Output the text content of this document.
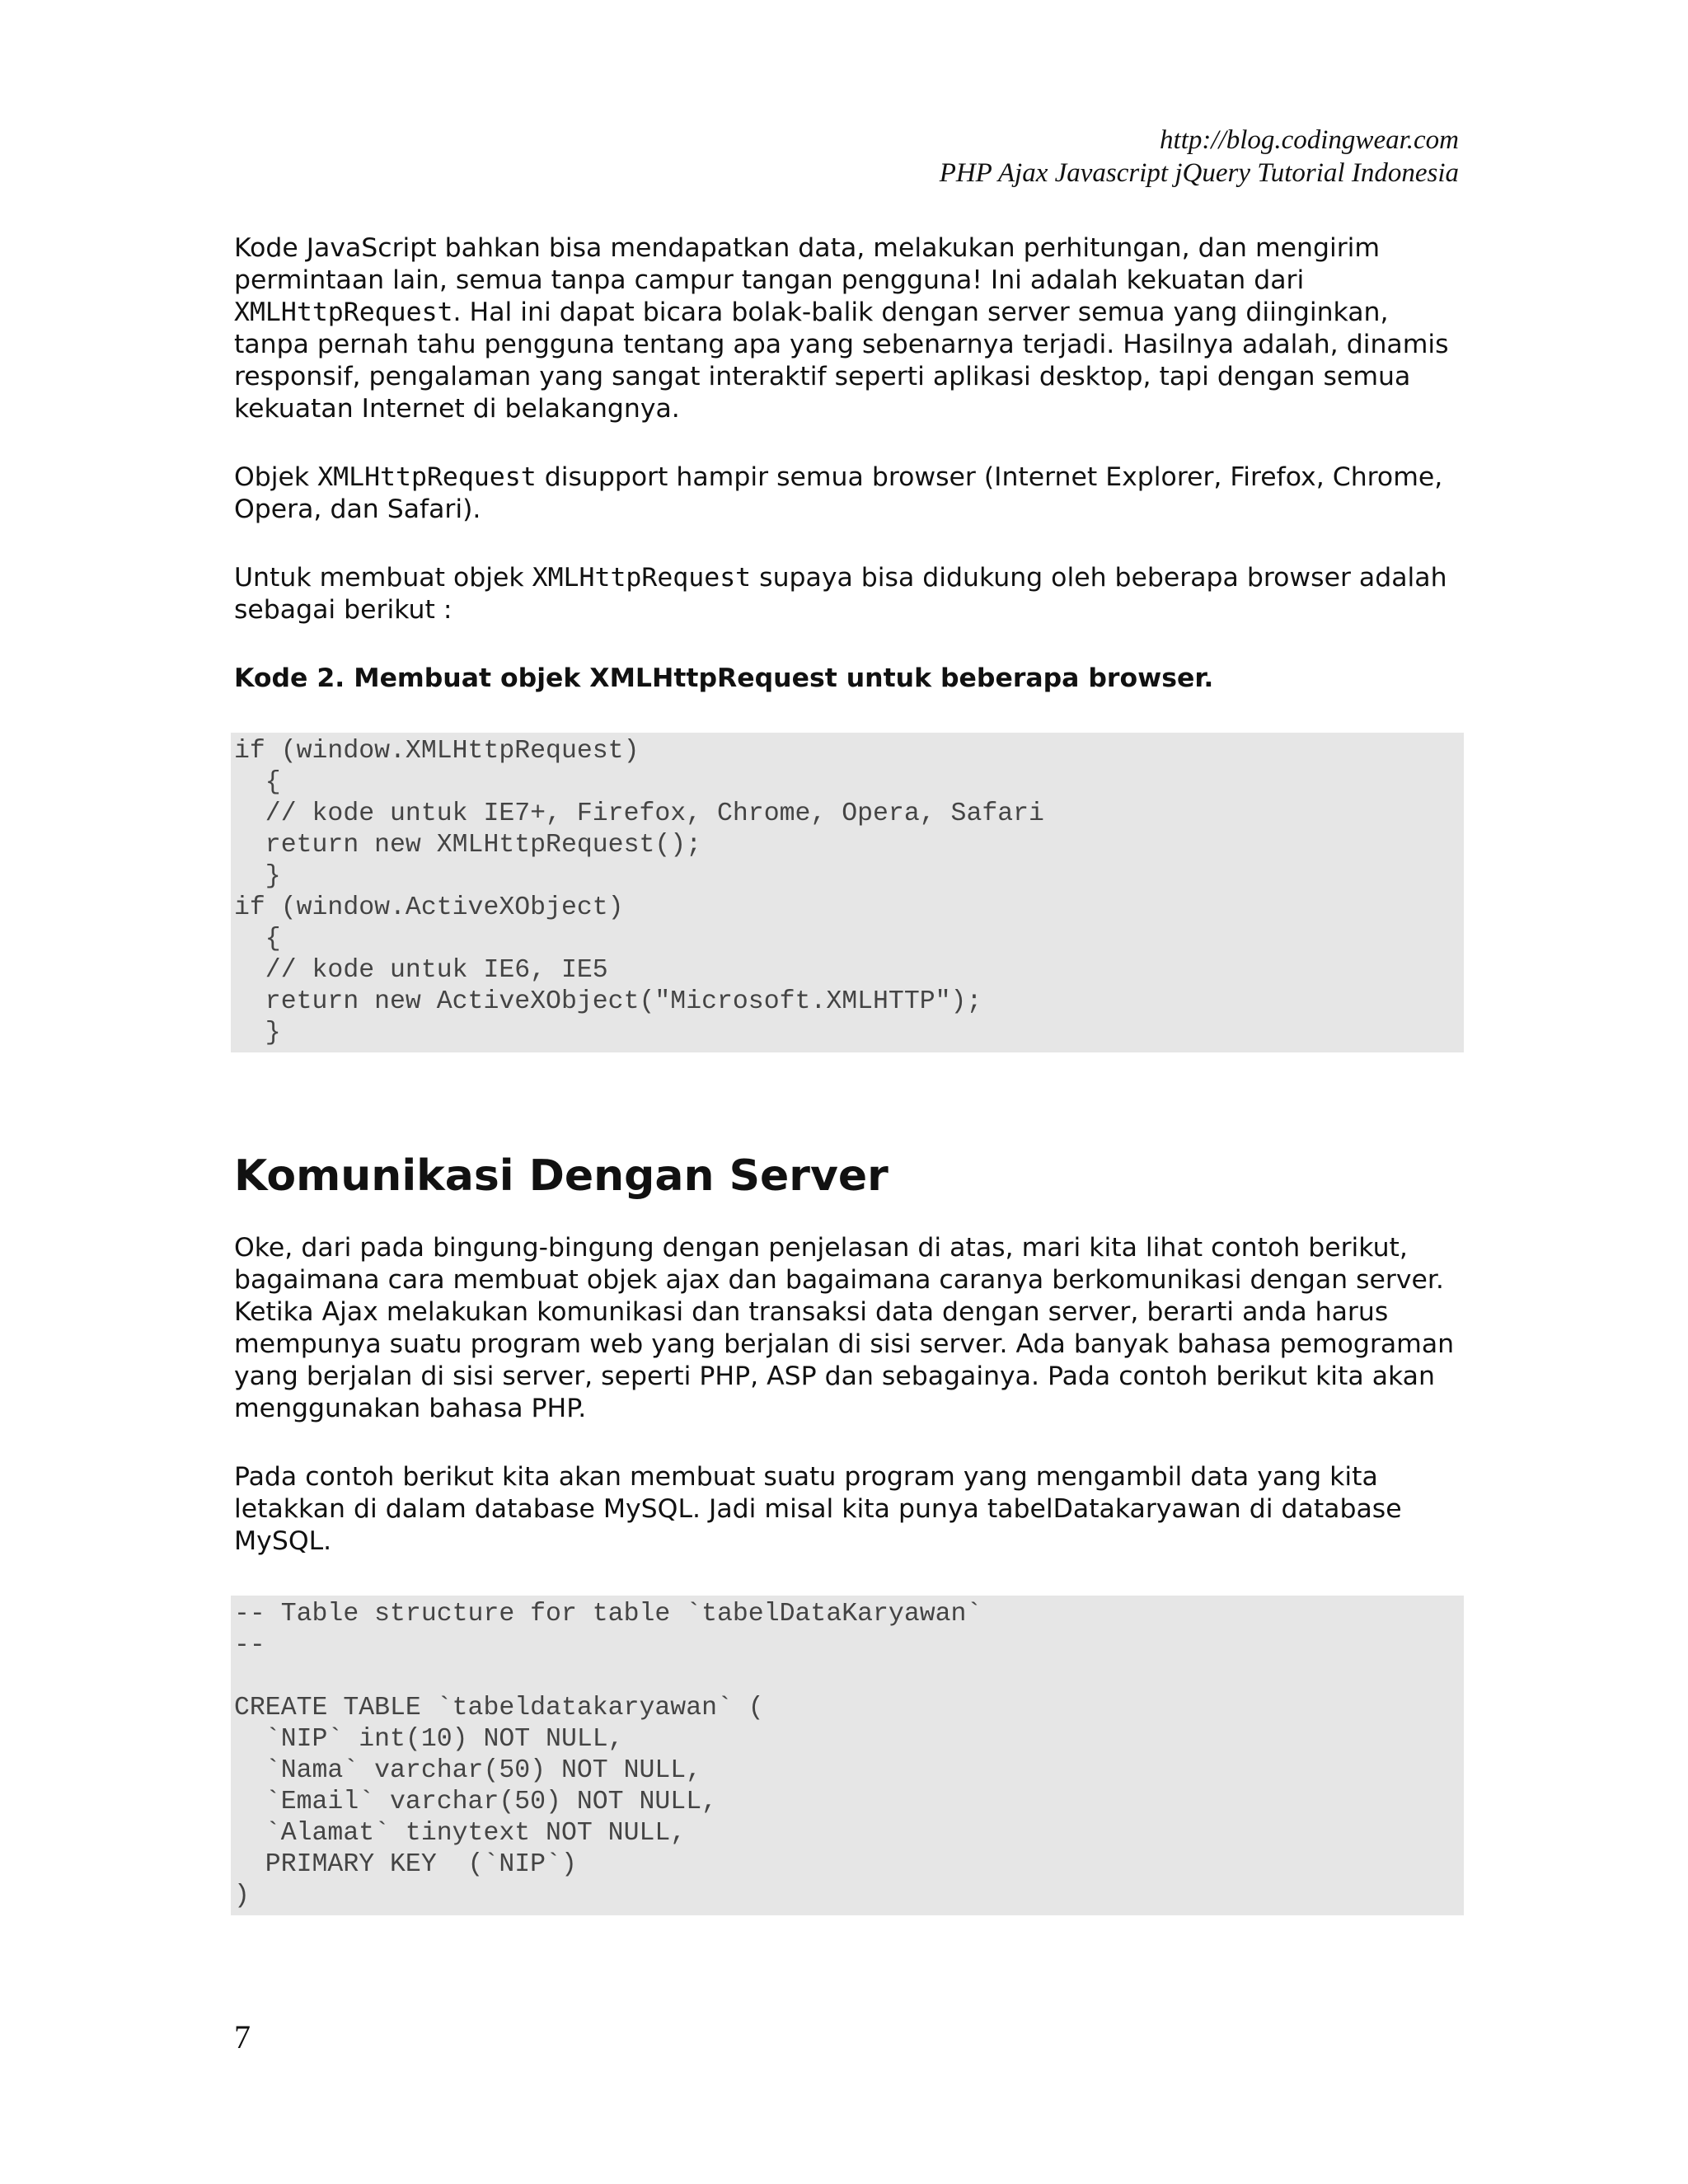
http://blog.codingwear.com
PHP Ajax Javascript jQuery Tutorial Indonesia

Kode JavaScript bahkan bisa mendapatkan data, melakukan perhitungan, dan mengirim permintaan lain, semua tanpa campur tangan pengguna! Ini adalah kekuatan dari XMLHttpRequest. Hal ini dapat bicara bolak-balik dengan server semua yang diinginkan, tanpa pernah tahu pengguna tentang apa yang sebenarnya terjadi. Hasilnya adalah, dinamis responsif, pengalaman yang sangat interaktif seperti aplikasi desktop, tapi dengan semua kekuatan Internet di belakangnya.

Objek XMLHttpRequest disupport hampir semua browser (Internet Explorer, Firefox, Chrome, Opera, dan Safari).

Untuk membuat objek XMLHttpRequest supaya bisa didukung oleh beberapa browser adalah sebagai berikut :

Kode 2. Membuat objek XMLHttpRequest untuk beberapa browser.

if (window.XMLHttpRequest)
{
// kode untuk IE7+, Firefox, Chrome, Opera, Safari
return new XMLHttpRequest();
}
if (window.ActiveXObject)
{
// kode untuk IE6, IE5
return new ActiveXObject("Microsoft.XMLHTTP");
}
Komunikasi Dengan Server

Oke, dari pada bingung-bingung dengan penjelasan di atas, mari kita lihat contoh berikut, bagaimana cara membuat objek ajax dan bagaimana caranya berkomunikasi dengan server. Ketika Ajax melakukan komunikasi dan transaksi data dengan server, berarti anda harus mempunya suatu program web yang berjalan di sisi server. Ada banyak bahasa pemograman yang berjalan di sisi server, seperti PHP, ASP dan sebagainya. Pada contoh berikut kita akan menggunakan bahasa PHP.

Pada contoh berikut kita akan membuat suatu program yang mengambil data yang kita letakkan di dalam database MySQL. Jadi misal kita punya tabelDatakaryawan di database MySQL.

-- Table structure for table `tabelDataKaryawan`
--

CREATE TABLE `tabeldatakaryawan` (
`NIP` int(10) NOT NULL,
`Nama` varchar(50) NOT NULL,
`Email` varchar(50) NOT NULL,
`Alamat` tinytext NOT NULL,
PRIMARY KEY  (`NIP`)
)
7
